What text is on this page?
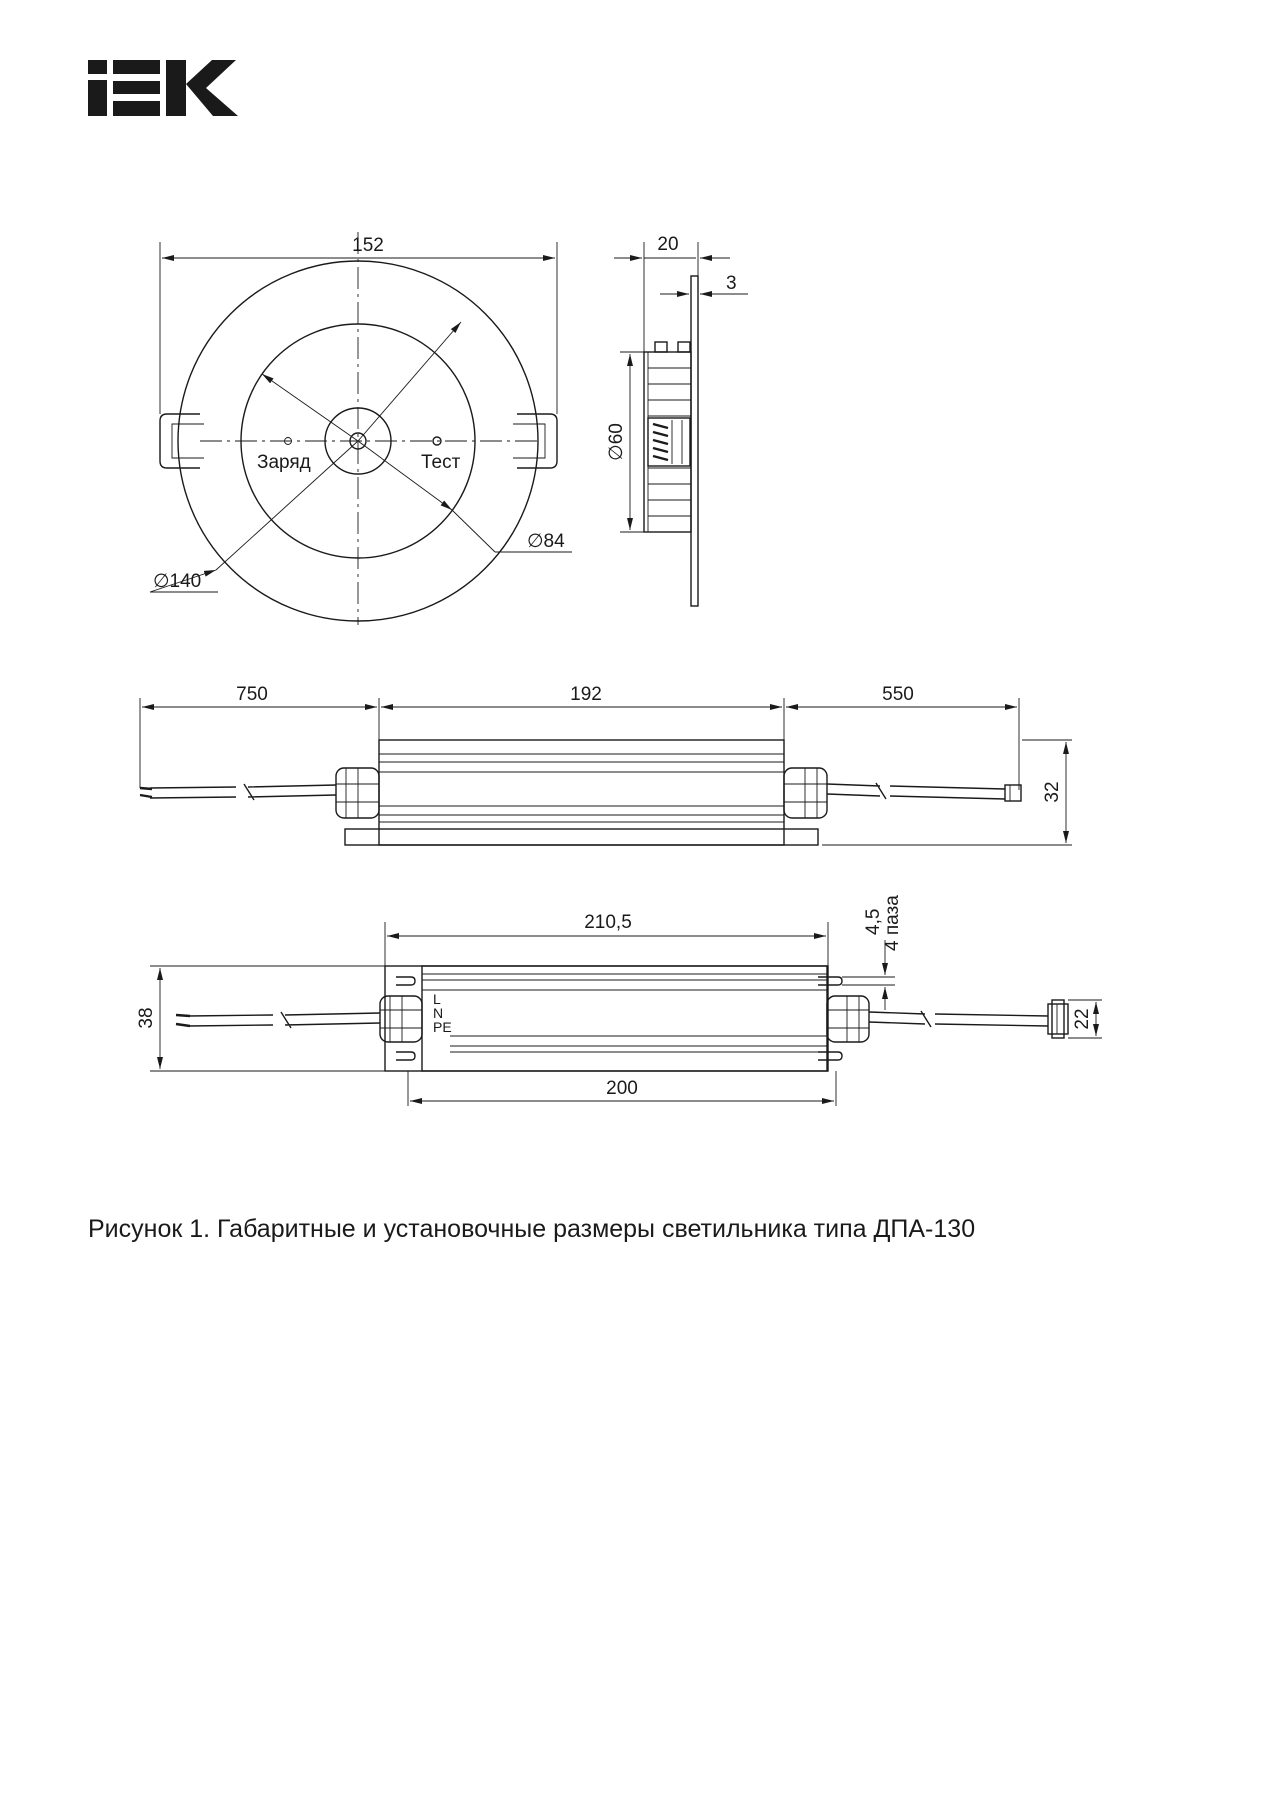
152
∅140
∅84
Заряд	Тест
20
3
∅60
750	192	550
32
210,5
L
N
PE
38	22
4,5
4 паза
200
Рисунок 1. Габаритные и установочные размеры светильника типа ДПА-130
